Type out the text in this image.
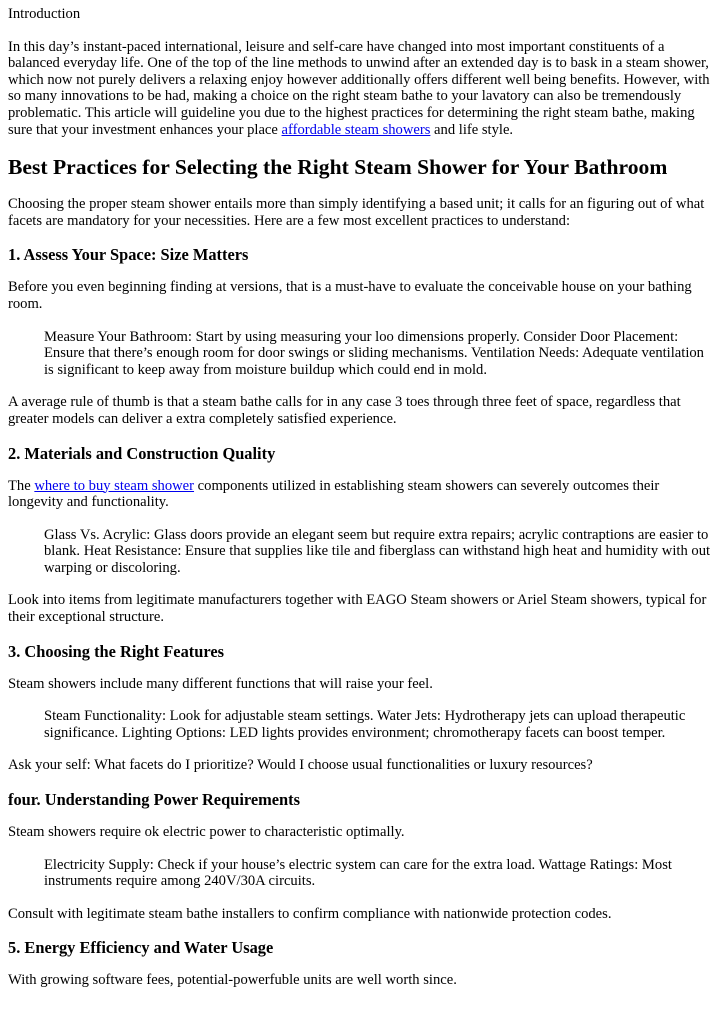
Introduction

In this day’s instant-paced international, leisure and self-care have changed into most important constituents of a balanced everyday life. One of the top of the line methods to unwind after an extended day is to bask in a steam shower, which now not purely delivers a relaxing enjoy however additionally offers different well being benefits. However, with so many innovations to be had, making a choice on the right steam bathe to your lavatory can also be tremendously problematic. This article will guideline you due to the highest practices for determining the right steam bathe, making sure that your investment enhances your place affordable steam showers and life style.

Best Practices for Selecting the Right Steam Shower for Your Bathroom

Choosing the proper steam shower entails more than simply identifying a based unit; it calls for an figuring out of what facets are mandatory for your necessities. Here are a few most excellent practices to understand:

1. Assess Your Space: Size Matters

Before you even beginning finding at versions, that is a must-have to evaluate the conceivable house on your bathing room.

Measure Your Bathroom: Start by using measuring your loo dimensions properly. Consider Door Placement: Ensure that there’s enough room for door swings or sliding mechanisms. Ventilation Needs: Adequate ventilation is significant to keep away from moisture buildup which could end in mold.

A average rule of thumb is that a steam bathe calls for in any case 3 toes through three feet of space, regardless that greater models can deliver a extra completely satisfied experience.

2. Materials and Construction Quality

The where to buy steam shower components utilized in establishing steam showers can severely outcomes their longevity and functionality.

Glass Vs. Acrylic: Glass doors provide an elegant seem but require extra repairs; acrylic contraptions are easier to blank. Heat Resistance: Ensure that supplies like tile and fiberglass can withstand high heat and humidity with out warping or discoloring.

Look into items from legitimate manufacturers together with EAGO Steam showers or Ariel Steam showers, typical for their exceptional structure.

3. Choosing the Right Features

Steam showers include many different functions that will raise your feel.

Steam Functionality: Look for adjustable steam settings. Water Jets: Hydrotherapy jets can upload therapeutic significance. Lighting Options: LED lights provides environment; chromotherapy facets can boost temper.

Ask your self: What facets do I prioritize? Would I choose usual functionalities or luxury resources?

four. Understanding Power Requirements

Steam showers require ok electric power to characteristic optimally.

Electricity Supply: Check if your house’s electric system can care for the extra load. Wattage Ratings: Most instruments require among 240V/30A circuits.

Consult with legitimate steam bathe installers to confirm compliance with nationwide protection codes.

5. Energy Efficiency and Water Usage

With growing software fees, potential-powerfuble units are well worth since.
